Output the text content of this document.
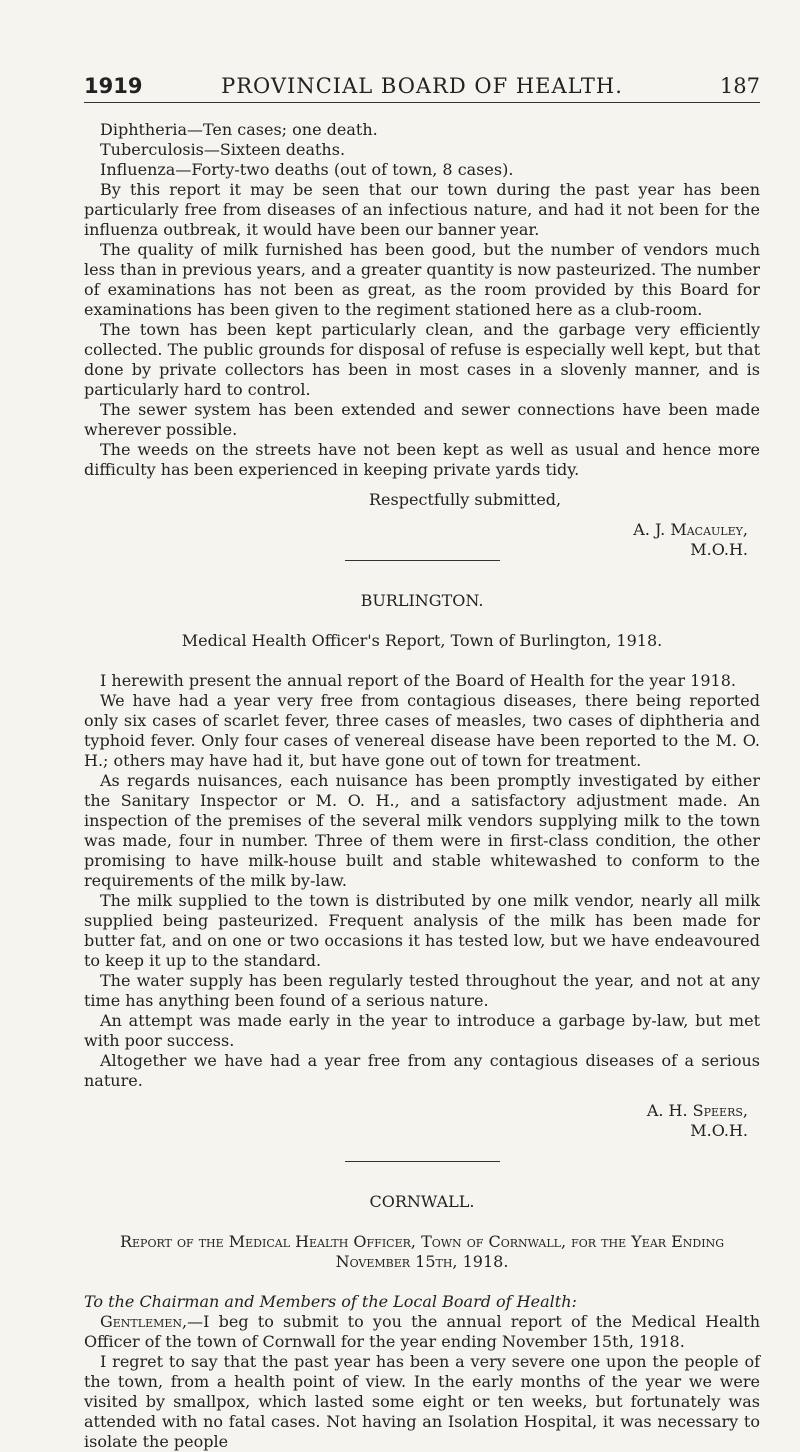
1919	PROVINCIAL BOARD OF HEALTH.	187

Diphtheria—Ten cases; one death.

Tuberculosis—Sixteen deaths.

Influenza—Forty-two deaths (out of town, 8 cases).

By this report it may be seen that our town during the past year has been particularly free from diseases of an infectious nature, and had it not been for the influenza outbreak, it would have been our banner year.

The quality of milk furnished has been good, but the number of vendors much less than in previous years, and a greater quantity is now pasteurized. The number of examinations has not been as great, as the room provided by this Board for examinations has been given to the regiment stationed here as a club-room.

The town has been kept particularly clean, and the garbage very efficiently collected. The public grounds for disposal of refuse is especially well kept, but that done by private collectors has been in most cases in a slovenly manner, and is particularly hard to control.

The sewer system has been extended and sewer connections have been made wherever possible.

The weeds on the streets have not been kept as well as usual and hence more difficulty has been experienced in keeping private yards tidy.

Respectfully submitted,

A. J. Macauley,

M.O.H.

BURLINGTON.

Medical Health Officer's Report, Town of Burlington, 1918.

I herewith present the annual report of the Board of Health for the year 1918.

We have had a year very free from contagious diseases, there being reported only six cases of scarlet fever, three cases of measles, two cases of diphtheria and typhoid fever. Only four cases of venereal disease have been reported to the M. O. H.; others may have had it, but have gone out of town for treatment.

As regards nuisances, each nuisance has been promptly investigated by either the Sanitary Inspector or M. O. H., and a satisfactory adjustment made. An inspection of the premises of the several milk vendors supplying milk to the town was made, four in number. Three of them were in first-class condition, the other promising to have milk-house built and stable whitewashed to conform to the requirements of the milk by-law.

The milk supplied to the town is distributed by one milk vendor, nearly all milk supplied being pasteurized. Frequent analysis of the milk has been made for butter fat, and on one or two occasions it has tested low, but we have endeavoured to keep it up to the standard.

The water supply has been regularly tested throughout the year, and not at any time has anything been found of a serious nature.

An attempt was made early in the year to introduce a garbage by-law, but met with poor success.

Altogether we have had a year free from any contagious diseases of a serious nature.

A. H. Speers,

M.O.H.

CORNWALL.

Report of the Medical Health Officer, Town of Cornwall, for the Year Ending November 15th, 1918.

To the Chairman and Members of the Local Board of Health:

Gentlemen,—I beg to submit to you the annual report of the Medical Health Officer of the town of Cornwall for the year ending November 15th, 1918.

I regret to say that the past year has been a very severe one upon the people of the town, from a health point of view. In the early months of the year we were visited by smallpox, which lasted some eight or ten weeks, but fortunately was attended with no fatal cases. Not having an Isolation Hospital, it was necessary to isolate the people
